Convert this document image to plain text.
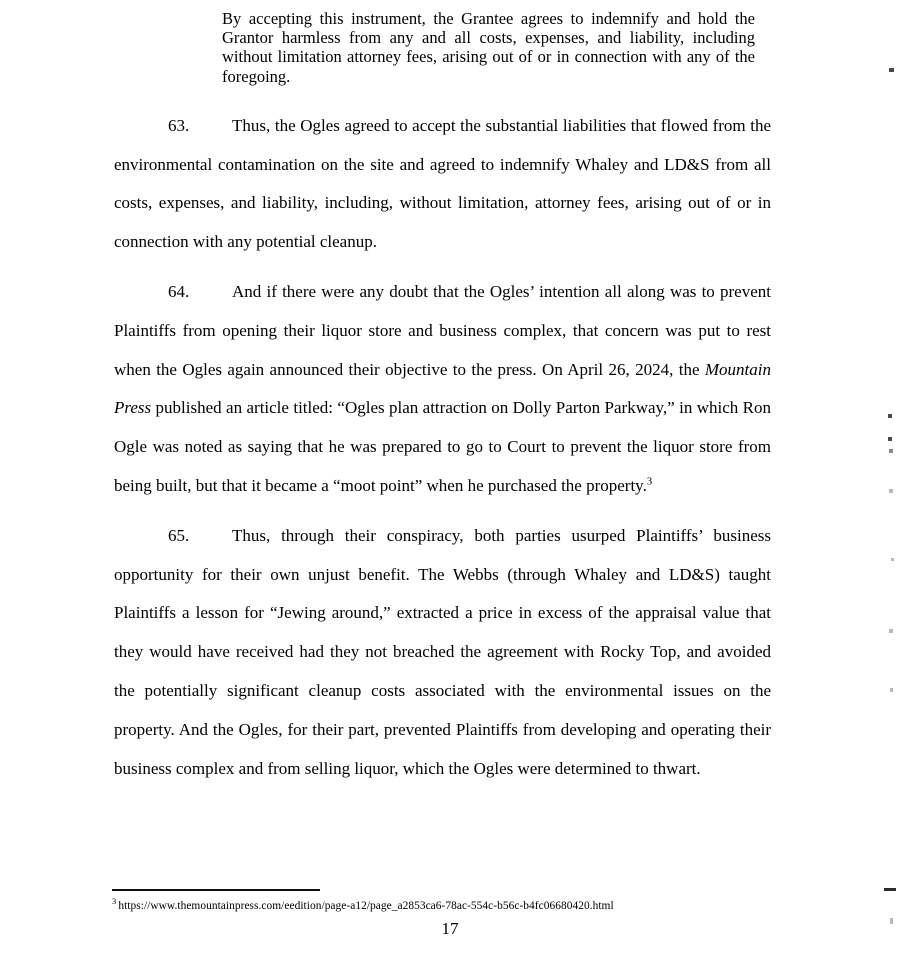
By accepting this instrument, the Grantee agrees to indemnify and hold the Grantor harmless from any and all costs, expenses, and liability, including without limitation attorney fees, arising out of or in connection with any of the foregoing.

63.	Thus, the Ogles agreed to accept the substantial liabilities that flowed from the environmental contamination on the site and agreed to indemnify Whaley and LD&S from all costs, expenses, and liability, including, without limitation, attorney fees, arising out of or in connection with any potential cleanup.

64.	And if there were any doubt that the Ogles’ intention all along was to prevent Plaintiffs from opening their liquor store and business complex, that concern was put to rest when the Ogles again announced their objective to the press. On April 26, 2024, the Mountain Press published an article titled: “Ogles plan attraction on Dolly Parton Parkway,” in which Ron Ogle was noted as saying that he was prepared to go to Court to prevent the liquor store from being built, but that it became a “moot point” when he purchased the property.$^3$

65.	Thus, through their conspiracy, both parties usurped Plaintiffs’ business opportunity for their own unjust benefit. The Webbs (through Whaley and LD&S) taught Plaintiffs a lesson for “Jewing around,” extracted a price in excess of the appraisal value that they would have received had they not breached the agreement with Rocky Top, and avoided the potentially significant cleanup costs associated with the environmental issues on the property. And the Ogles, for their part, prevented Plaintiffs from developing and operating their business complex and from selling liquor, which the Ogles were determined to thwart.

$^3$ https://www.themountainpress.com/eedition/page-a12/page_a2853ca6-78ac-554c-b56c-b4fc06680420.html
17
